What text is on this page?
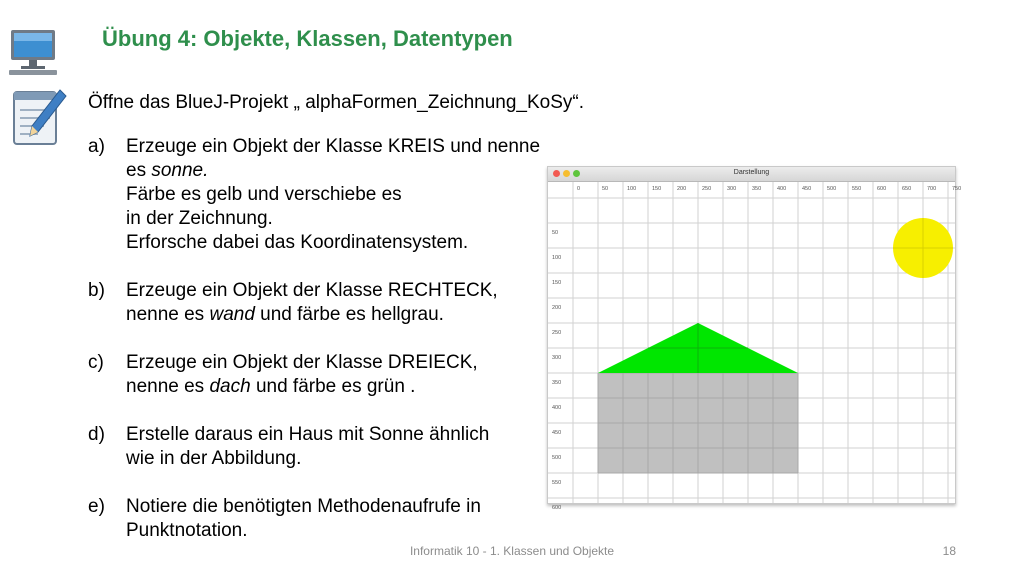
Übung 4: Objekte, Klassen, Datentypen
Öffne das BlueJ-Projekt „ alphaFormen_Zeichnung_KoSy“.
a) Erzeuge ein Objekt der Klasse KREIS und nenne
es sonne.
Färbe es gelb und verschiebe es
in der Zeichnung.
Erforsche dabei das Koordinatensystem.
b) Erzeuge ein Objekt der Klasse RECHTECK,
nenne es wand und färbe es hellgrau.
c) Erzeuge ein Objekt der Klasse DREIECK,
nenne es dach und färbe es grün .
d) Erstelle daraus ein Haus mit Sonne ähnlich
wie in der Abbildung.
e) Notiere die benötigten Methodenaufrufe in
Punktnotation.
Darstellung
0	50	100	150	200	250	300	350	400	450	500	550	600	650	700	750
50
100
150
200
250
300
350
400
450
500
550
600
Informatik 10 - 1. Klassen und Objekte	18
